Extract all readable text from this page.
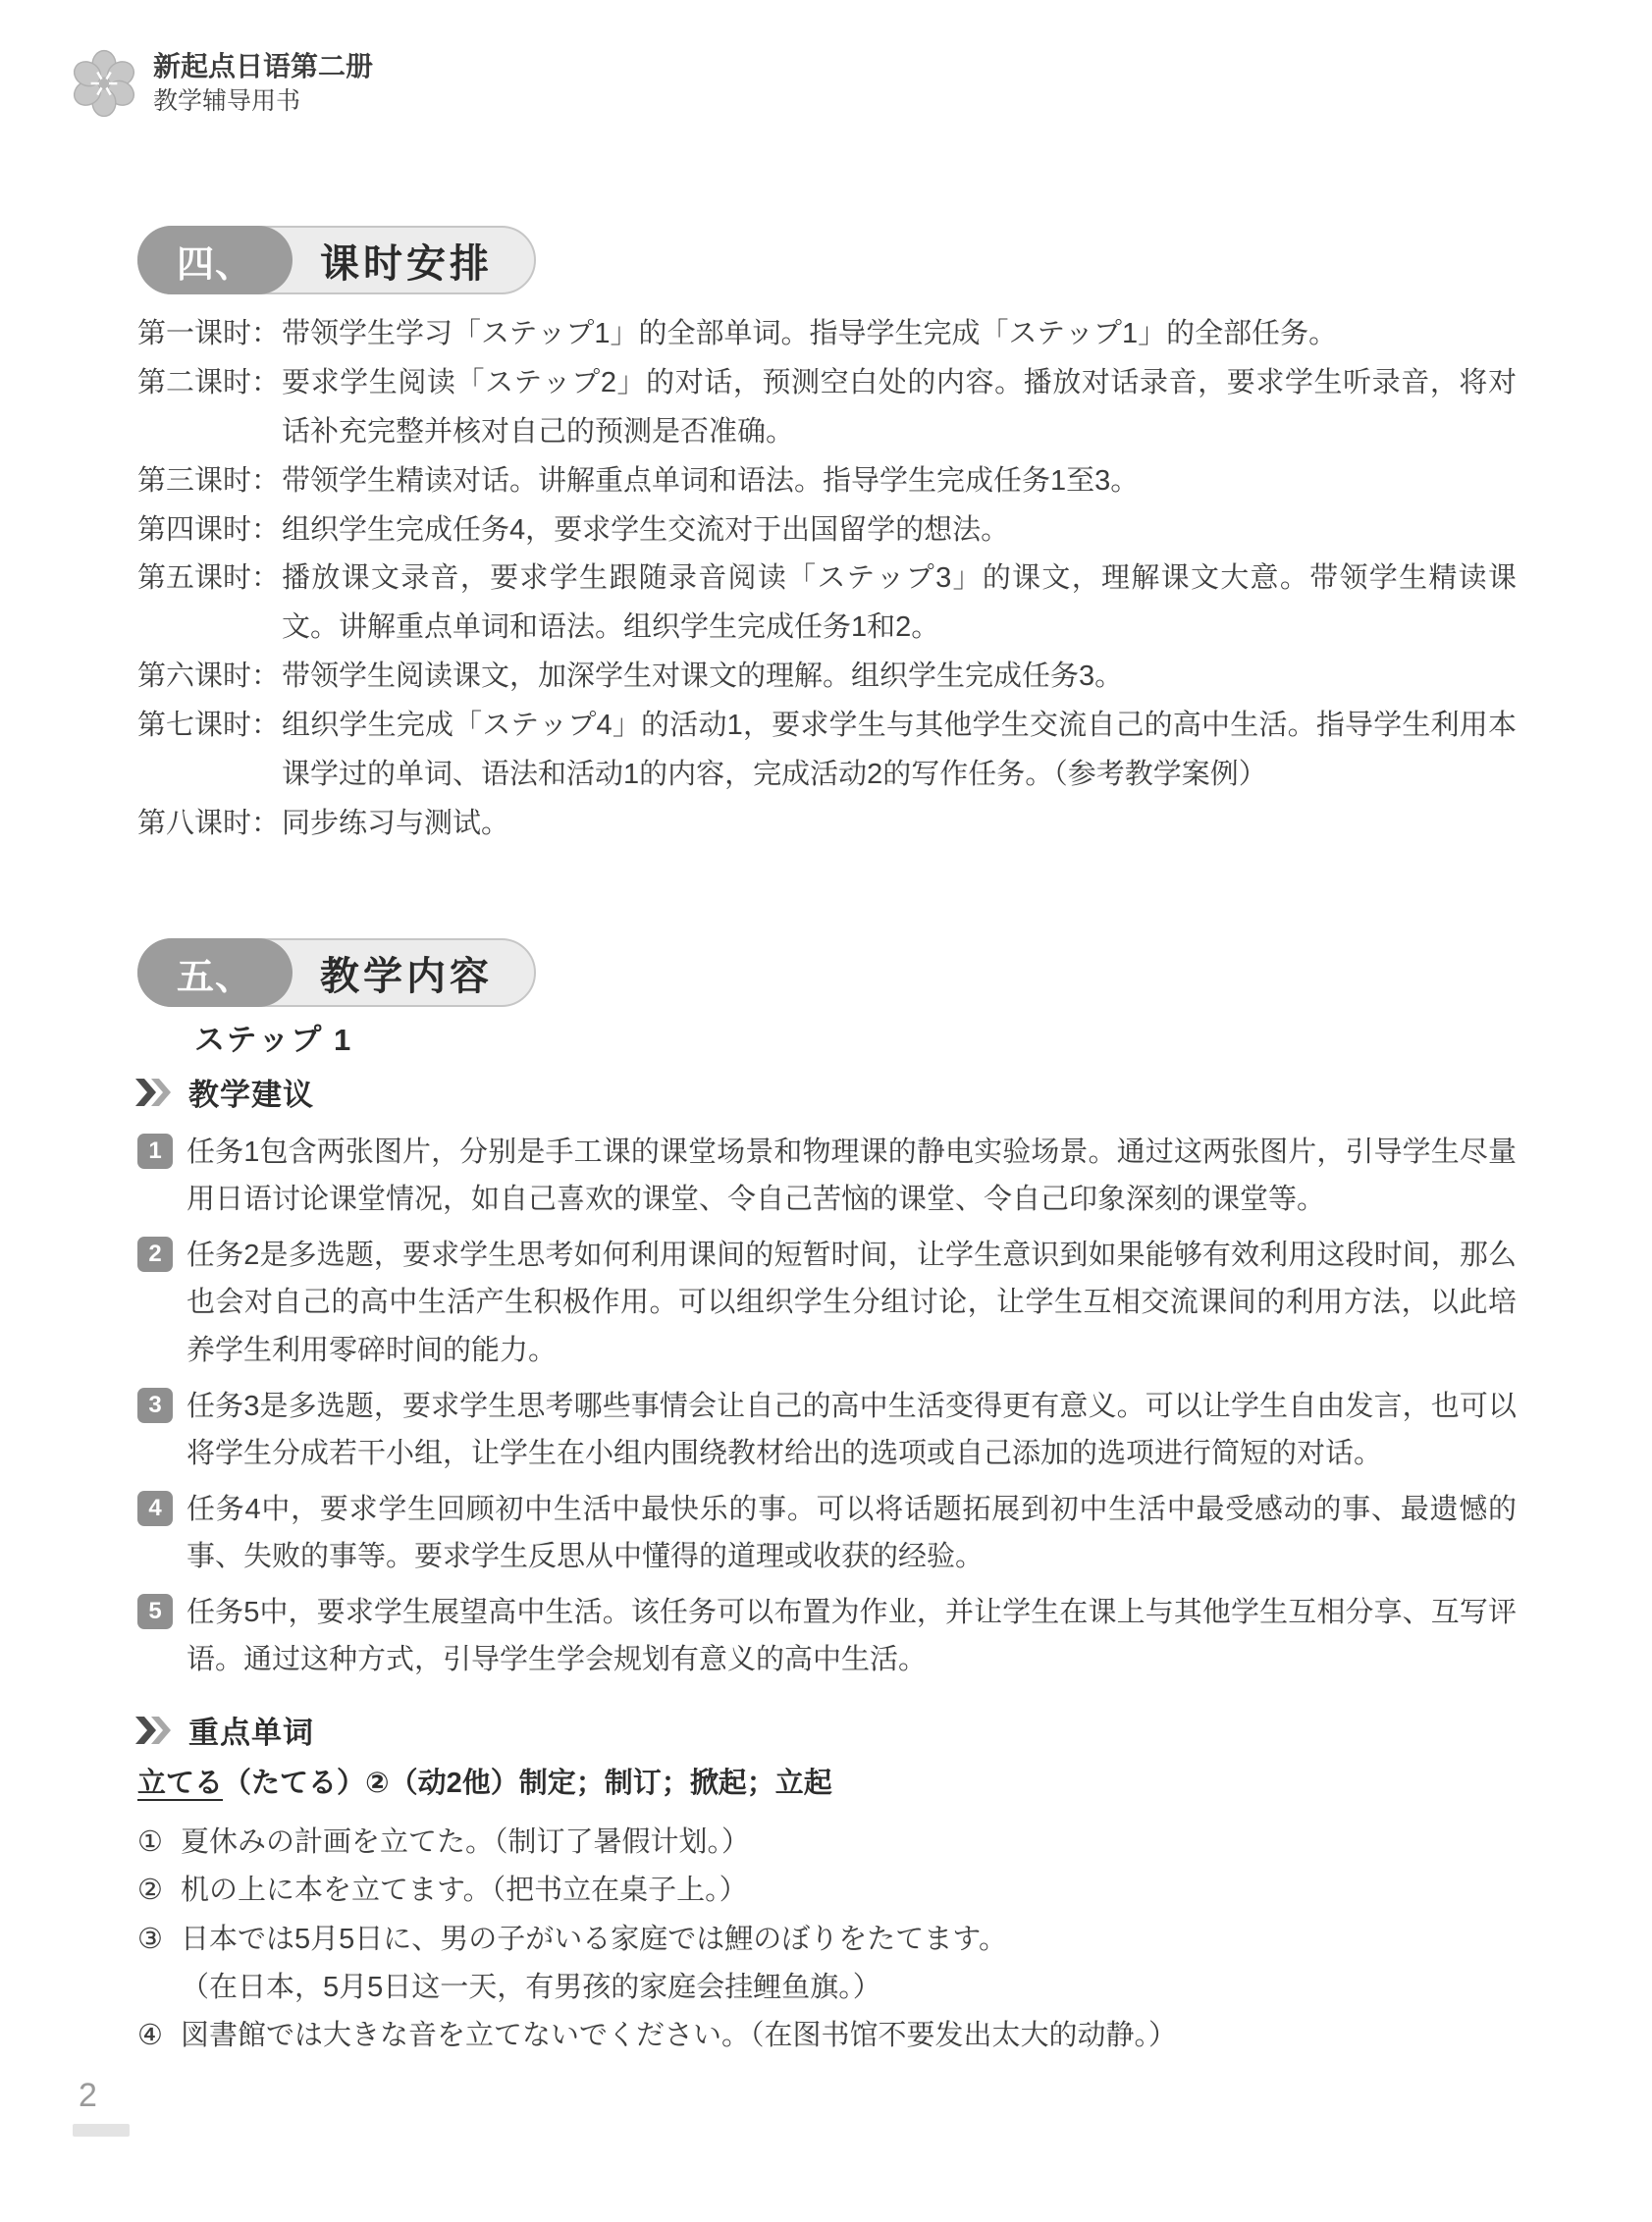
新起点日语第二册
教学辅导用书
四、	课时安排
第一课时： 带领学生学习「ステップ1」的全部单词。指导学生完成「ステップ1」的全部任务。
第二课时： 要求学生阅读「ステップ2」的对话，预测空白处的内容。播放对话录音，要求学生听录音，将对话补充完整并核对自己的预测是否准确。
第三课时： 带领学生精读对话。讲解重点单词和语法。指导学生完成任务1至3。
第四课时： 组织学生完成任务4，要求学生交流对于出国留学的想法。
第五课时： 播放课文录音，要求学生跟随录音阅读「ステップ3」的课文，理解课文大意。带领学生精读课文。讲解重点单词和语法。组织学生完成任务1和2。
第六课时： 带领学生阅读课文，加深学生对课文的理解。组织学生完成任务3。
第七课时： 组织学生完成「ステップ4」的活动1，要求学生与其他学生交流自己的高中生活。指导学生利用本课学过的单词、语法和活动1的内容，完成活动2的写作任务。（参考教学案例）
第八课时： 同步练习与测试。
五、	教学内容
ステップ 1
教学建议
1 任务1包含两张图片，分别是手工课的课堂场景和物理课的静电实验场景。通过这两张图片，引导学生尽量用日语讨论课堂情况，如自己喜欢的课堂、令自己苦恼的课堂、令自己印象深刻的课堂等。
2 任务2是多选题，要求学生思考如何利用课间的短暂时间，让学生意识到如果能够有效利用这段时间，那么也会对自己的高中生活产生积极作用。可以组织学生分组讨论，让学生互相交流课间的利用方法，以此培养学生利用零碎时间的能力。
3 任务3是多选题，要求学生思考哪些事情会让自己的高中生活变得更有意义。可以让学生自由发言，也可以将学生分成若干小组，让学生在小组内围绕教材给出的选项或自己添加的选项进行简短的对话。
4 任务4中，要求学生回顾初中生活中最快乐的事。可以将话题拓展到初中生活中最受感动的事、最遗憾的事、失败的事等。要求学生反思从中懂得的道理或收获的经验。
5 任务5中，要求学生展望高中生活。该任务可以布置为作业，并让学生在课上与其他学生互相分享、互写评语。通过这种方式，引导学生学会规划有意义的高中生活。
重点单词
立てる（たてる）②（动2他）制定；制订；掀起；立起
① 夏休みの計画を立てた。（制订了暑假计划。）
② 机の上に本を立てます。（把书立在桌子上。）
③ 日本では5月5日に、男の子がいる家庭では鯉のぼりをたてます。
（在日本，5月5日这一天，有男孩的家庭会挂鲤鱼旗。）
④ 図書館では大きな音を立てないでください。（在图书馆不要发出太大的动静。）
2
